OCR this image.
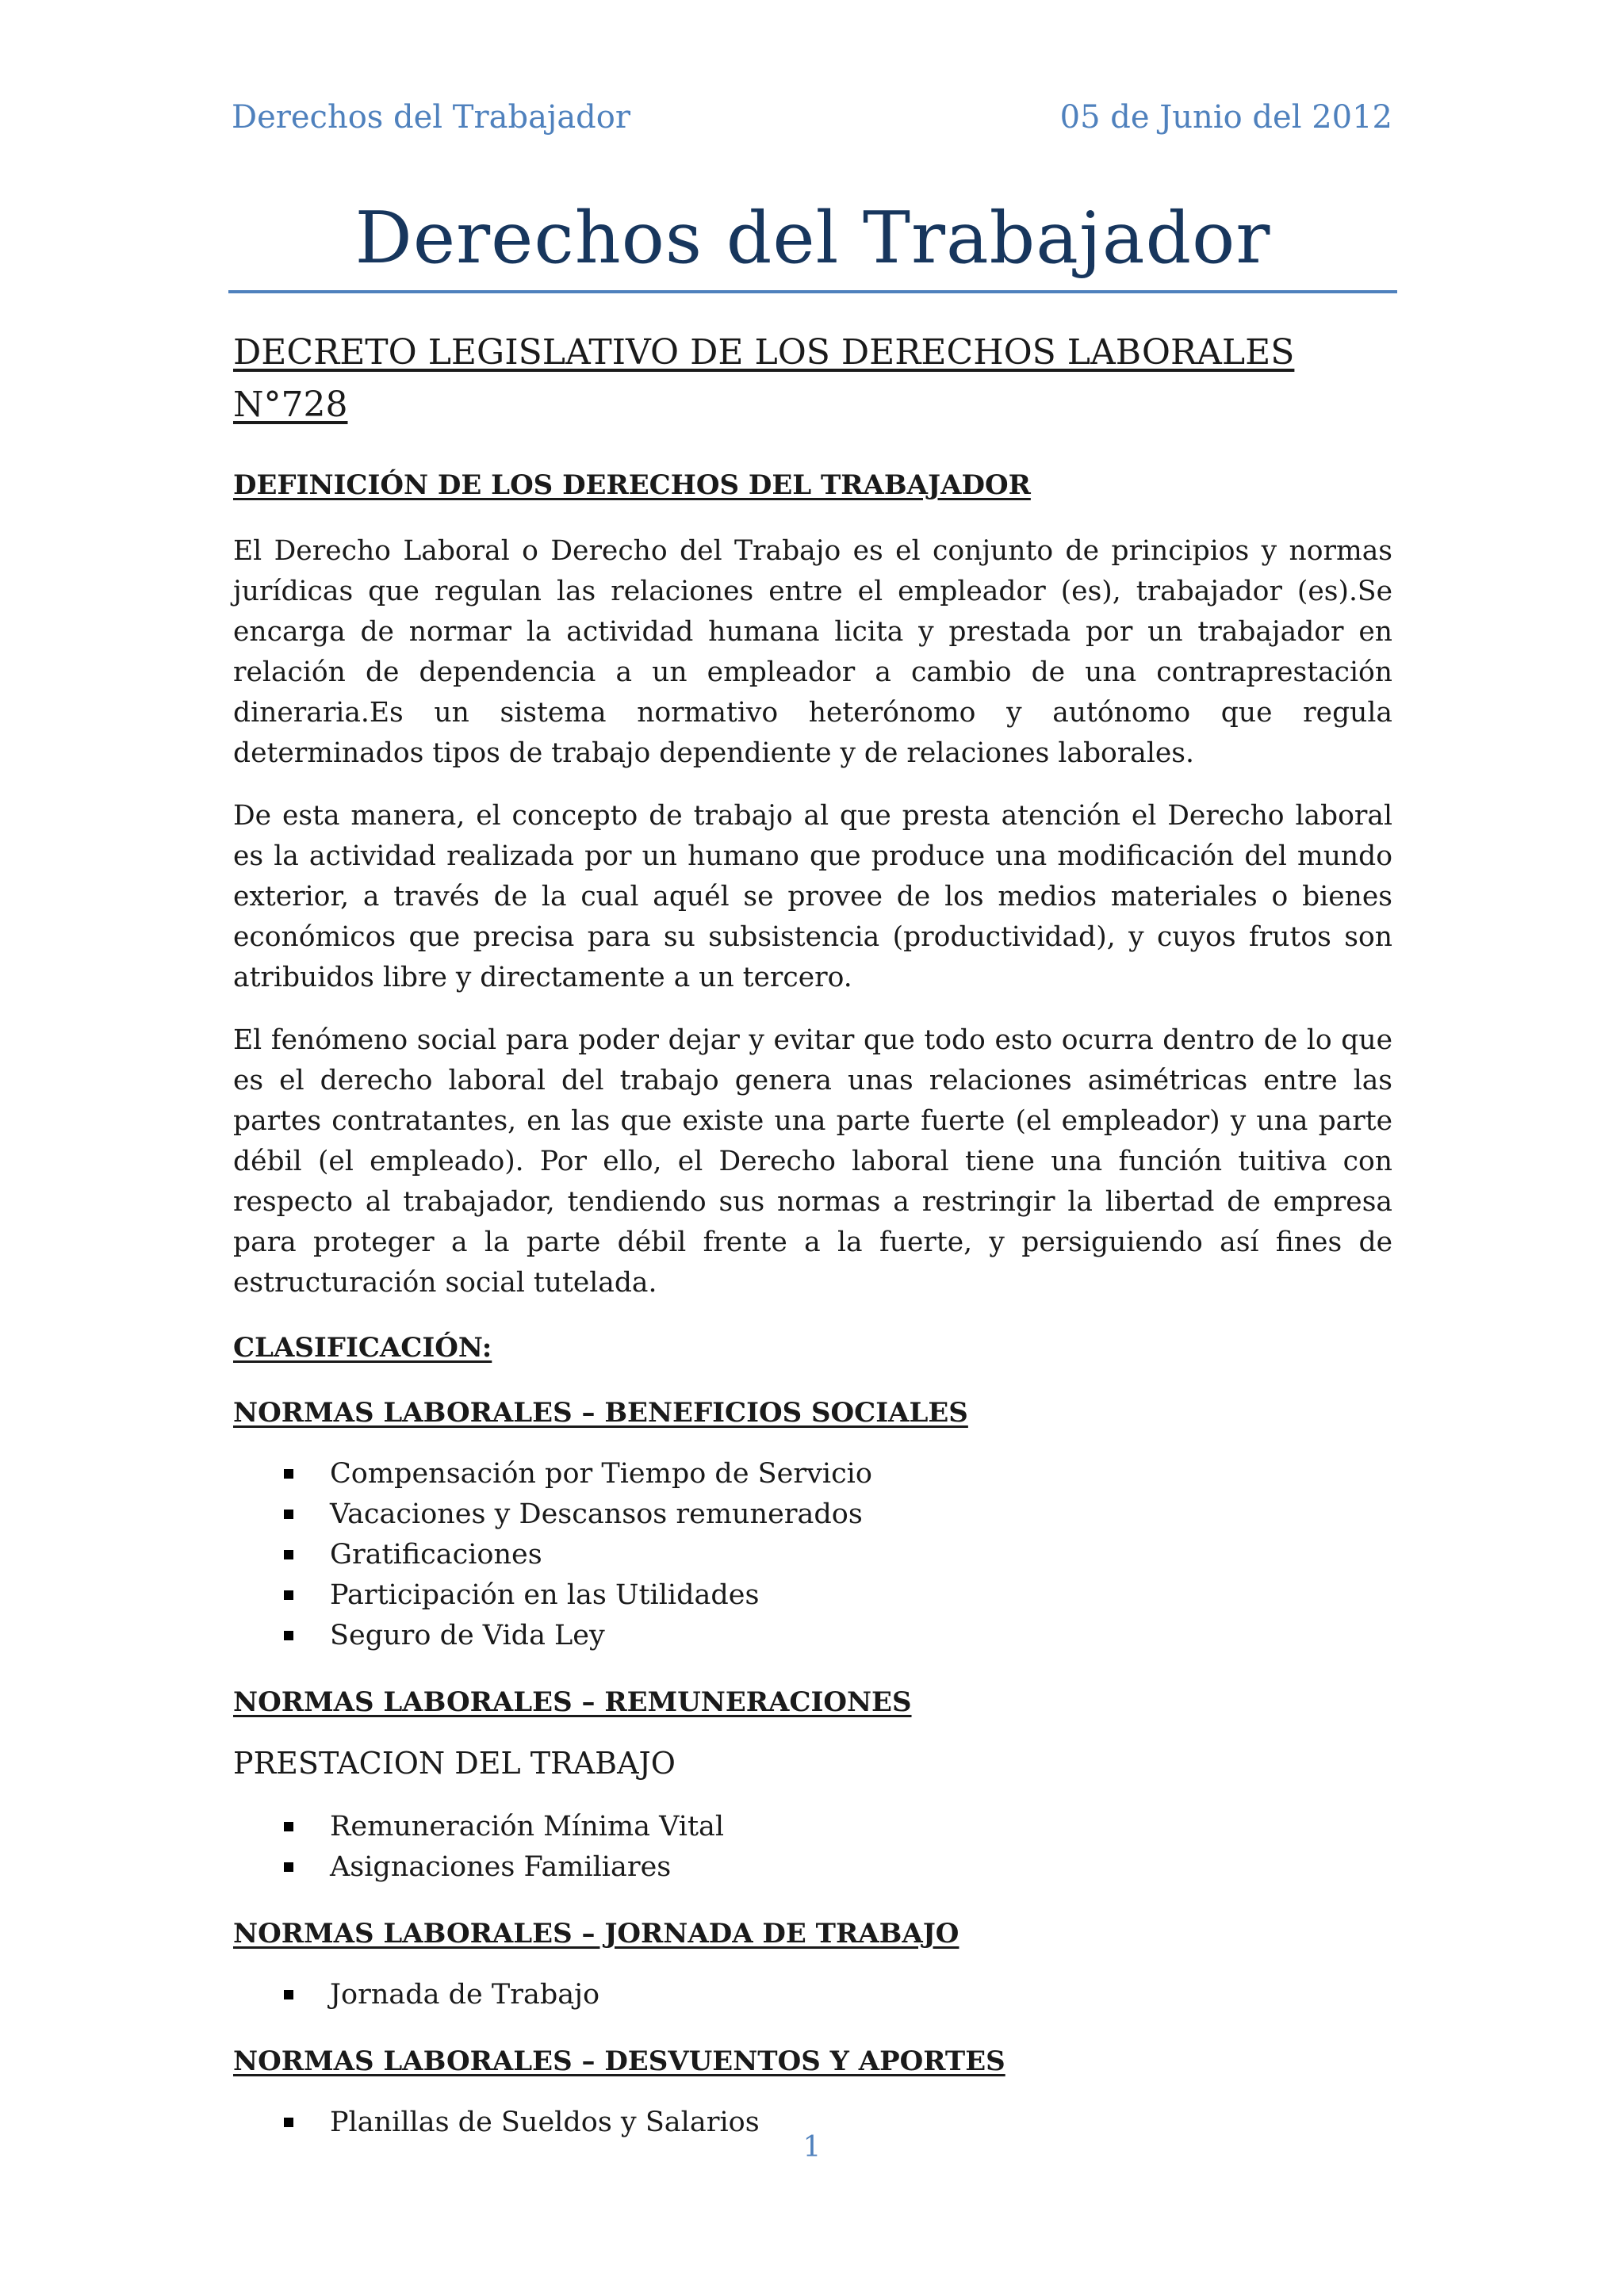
Derechos del Trabajador	05 de Junio del 2012
Derechos del Trabajador
DECRETO LEGISLATIVO DE LOS DERECHOS LABORALES N°728
DEFINICIÓN DE LOS DERECHOS DEL TRABAJADOR

El Derecho Laboral o Derecho del Trabajo es el conjunto de principios y normas jurídicas que regulan las relaciones entre el empleador (es), trabajador (es).Se encarga de normar la actividad humana licita y prestada por un trabajador en relación de dependencia a un empleador a cambio de una contraprestación dineraria.Es un sistema normativo heterónomo y autónomo que regula determinados tipos de trabajo dependiente y de relaciones laborales.

De esta manera, el concepto de trabajo al que presta atención el Derecho laboral es la actividad realizada por un humano que produce una modificación del mundo exterior, a través de la cual aquél se provee de los medios materiales o bienes económicos que precisa para su subsistencia (productividad), y cuyos frutos son atribuidos libre y directamente a un tercero.

El fenómeno social para poder dejar y evitar que todo esto ocurra dentro de lo que es el derecho laboral del trabajo genera unas relaciones asimétricas entre las partes contratantes, en las que existe una parte fuerte (el empleador) y una parte débil (el empleado). Por ello, el Derecho laboral tiene una función tuitiva con respecto al trabajador, tendiendo sus normas a restringir la libertad de empresa para proteger a la parte débil frente a la fuerte, y persiguiendo así fines de estructuración social tutelada.

CLASIFICACIÓN:
NORMAS LABORALES – BENEFICIOS SOCIALES
Compensación por Tiempo de Servicio
Vacaciones y Descansos remunerados
Gratificaciones
Participación en las Utilidades
Seguro de Vida Ley
NORMAS LABORALES – REMUNERACIONES

PRESTACION DEL TRABAJO

Remuneración Mínima Vital
Asignaciones Familiares
NORMAS LABORALES – JORNADA DE TRABAJO
Jornada de Trabajo
NORMAS LABORALES – DESVUENTOS Y APORTES
Planillas de Sueldos y Salarios
1
